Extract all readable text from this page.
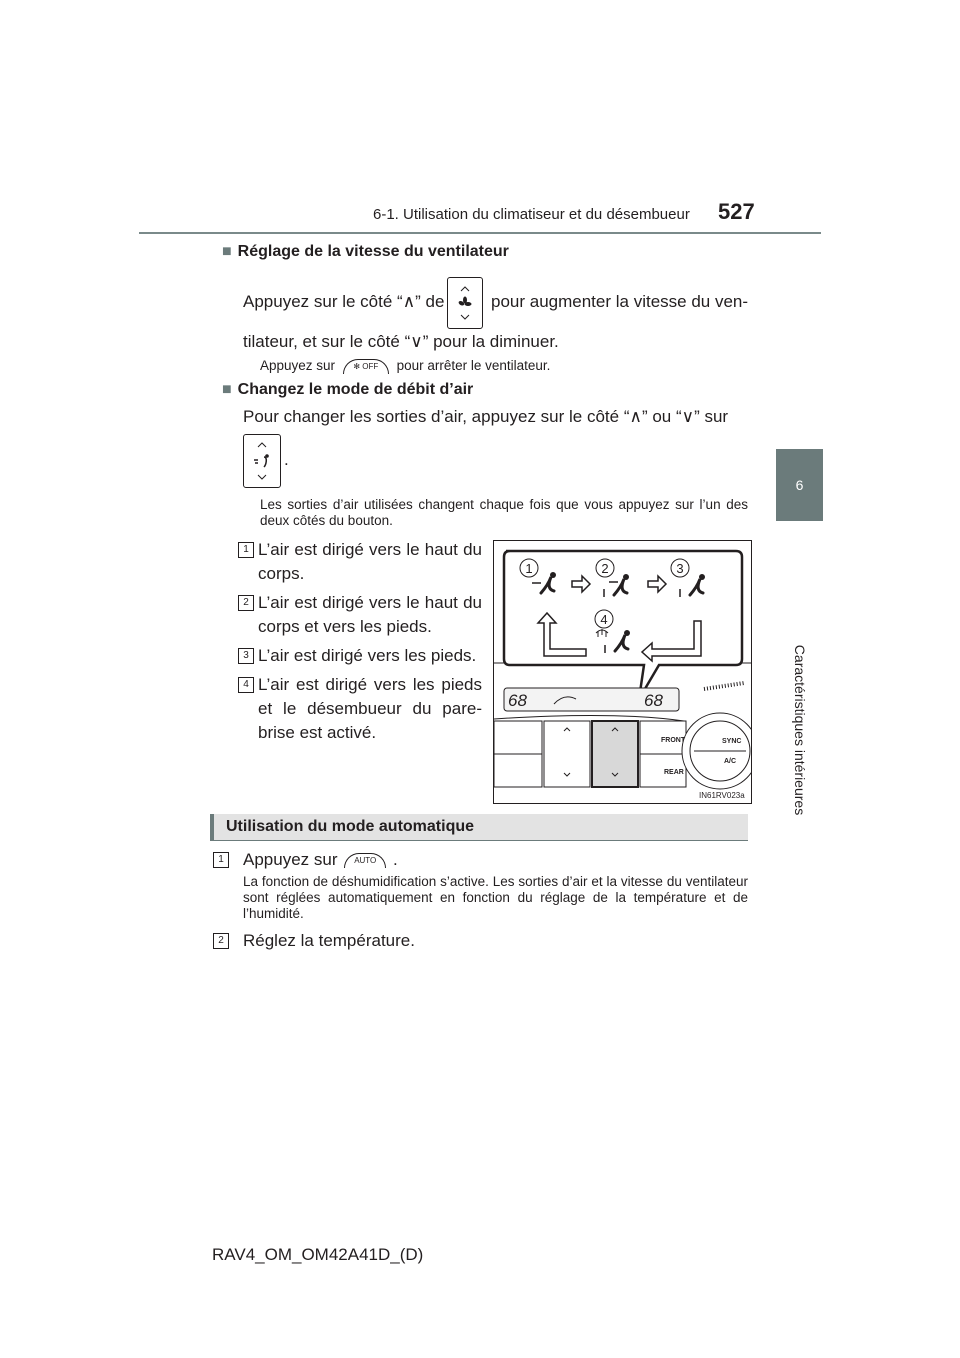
6-1. Utilisation du climatiseur et du désembueur 527
6
Caractéristiques intérieures
■ Réglage de la vitesse du ventilateur
Appuyez sur le côté “∧” de	pour augmenter la vitesse du ven-
tilateur, et sur le côté “∨” pour la diminuer.
Appuyez sur ✻ OFF pour arrêter le ventilateur.
■ Changez le mode de débit d’air
Pour changer les sorties d’air, appuyez sur le côté “∧” ou “∨” sur
.
Les sorties d’air utilisées changent chaque fois que vous appuyez sur l’un des deux côtés du bouton.
1 L’air est dirigé vers le haut du corps.
2 L’air est dirigé vers le haut du corps et vers les pieds.
3 L’air est dirigé vers les pieds.
4 L’air est dirigé vers les pieds et le désembueur du pare-brise est activé.
1	2	3
4
68	68
SYNC
A/C
FRONT
REAR
IN61RV023a
Utilisation du mode automatique
1	Appuyez sur AUTO .
La fonction de déshumidification s’active. Les sorties d’air et la vitesse du ventilateur sont réglées automatiquement en fonction du réglage de la température et de l’humidité.
2	Réglez la température.
RAV4_OM_OM42A41D_(D)
